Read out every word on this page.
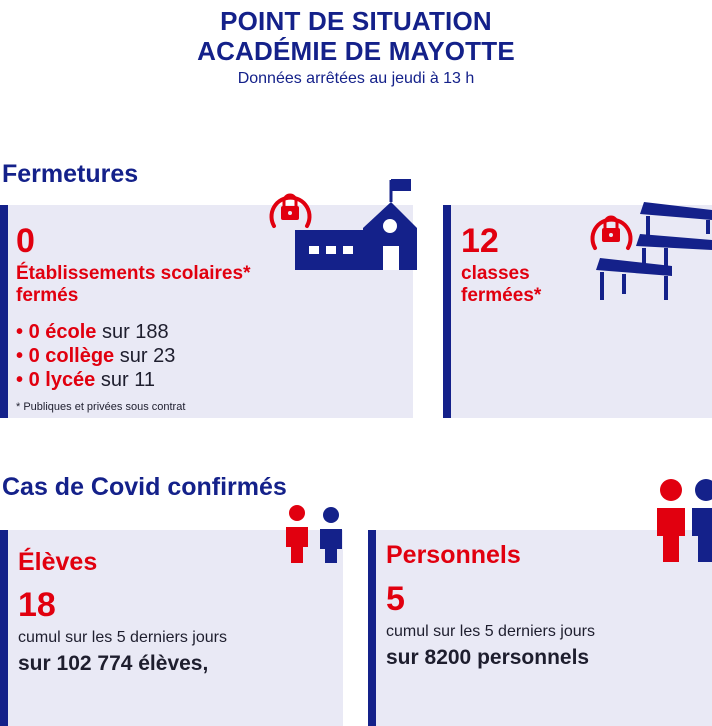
POINT DE SITUATION
ACADÉMIE DE MAYOTTE
Données arrêtées au jeudi à 13 h
Fermetures
0
Établissements scolaires*
fermés
• 0 école sur 188
• 0 collège sur 23
• 0 lycée sur 11
* Publiques et privées sous contrat
12
classes
fermées*
Cas de Covid confirmés
Élèves
18
cumul sur les 5 derniers jours
sur 102 774 élèves,
Personnels
5
cumul sur les 5 derniers jours
sur 8200 personnels
